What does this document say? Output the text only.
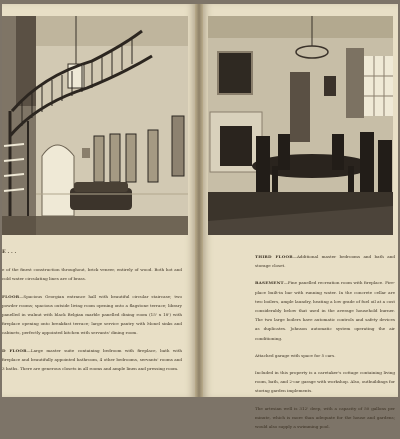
E . . .

e of the finest construction throughout, brick veneer, entirely of wood. Both hot and cold water circulating lines are of brass.

FLOOR—Spacious Georgian entrance hall with beautiful circular staircase; two powder rooms; spacious outside living room opening onto a flagstone terrace; library panelled in walnut with black Belgian marble panelled dining room (15' x 18') with fireplace opening onto breakfast terrace; large service pantry with Monel sinks and cabinets, perfectly appointed kitchen with servants' dining room.

D FLOOR—Large master suite containing bedroom with fireplace, bath with fireplace and beautifully appointed bathroom, 4 other bedrooms, servants' rooms and 3 baths. There are generous closets in all rooms and ample linen and pressing room.

THIRD FLOOR—Additional master bedrooms and bath and storage closet.

BASEMENT—Fine panelled recreation room with fireplace. Fire-place built-in bar with running water. In the concrete cellar are two boilers, ample laundry, heating a low grade of fuel oil at a cost considerably below that used in the average household burner. The two large boilers have automatic controls and safety devices as duplicates. Johnson automatic system operating the air conditioning.

Attached garage with space for 5 cars.

Included in this property is a caretaker's cottage containing living room, bath, and 2-car garage with workshop. Also, outbuildings for storing garden implements.

The artesian well is 312' deep, with a capacity of 50 gallons per minute, which is more than adequate for the house and gardens; would also supply a swimming pool.
